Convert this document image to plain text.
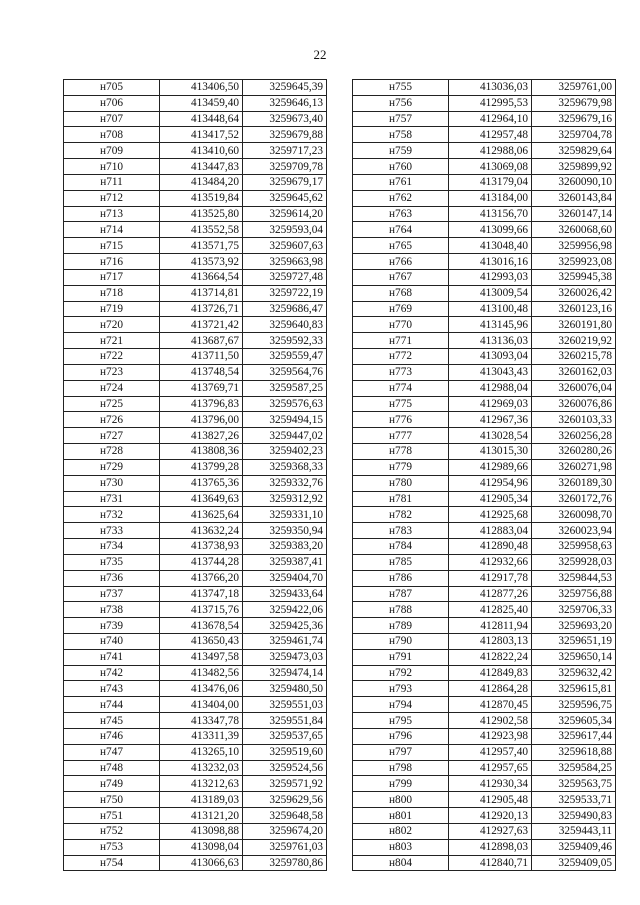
22
н705	413406,50	3259645,39
н706	413459,40	3259646,13
н707	413448,64	3259673,40
н708	413417,52	3259679,88
н709	413410,60	3259717,23
н710	413447,83	3259709,78
н711	413484,20	3259679,17
н712	413519,84	3259645,62
н713	413525,80	3259614,20
н714	413552,58	3259593,04
н715	413571,75	3259607,63
н716	413573,92	3259663,98
н717	413664,54	3259727,48
н718	413714,81	3259722,19
н719	413726,71	3259686,47
н720	413721,42	3259640,83
н721	413687,67	3259592,33
н722	413711,50	3259559,47
н723	413748,54	3259564,76
н724	413769,71	3259587,25
н725	413796,83	3259576,63
н726	413796,00	3259494,15
н727	413827,26	3259447,02
н728	413808,36	3259402,23
н729	413799,28	3259368,33
н730	413765,36	3259332,76
н731	413649,63	3259312,92
н732	413625,64	3259331,10
н733	413632,24	3259350,94
н734	413738,93	3259383,20
н735	413744,28	3259387,41
н736	413766,20	3259404,70
н737	413747,18	3259433,64
н738	413715,76	3259422,06
н739	413678,54	3259425,36
н740	413650,43	3259461,74
н741	413497,58	3259473,03
н742	413482,56	3259474,14
н743	413476,06	3259480,50
н744	413404,00	3259551,03
н745	413347,78	3259551,84
н746	413311,39	3259537,65
н747	413265,10	3259519,60
н748	413232,03	3259524,56
н749	413212,63	3259571,92
н750	413189,03	3259629,56
н751	413121,20	3259648,58
н752	413098,88	3259674,20
н753	413098,04	3259761,03
н754	413066,63	3259780,86
н755	413036,03	3259761,00
н756	412995,53	3259679,98
н757	412964,10	3259679,16
н758	412957,48	3259704,78
н759	412988,06	3259829,64
н760	413069,08	3259899,92
н761	413179,04	3260090,10
н762	413184,00	3260143,84
н763	413156,70	3260147,14
н764	413099,66	3260068,60
н765	413048,40	3259956,98
н766	413016,16	3259923,08
н767	412993,03	3259945,38
н768	413009,54	3260026,42
н769	413100,48	3260123,16
н770	413145,96	3260191,80
н771	413136,03	3260219,92
н772	413093,04	3260215,78
н773	413043,43	3260162,03
н774	412988,04	3260076,04
н775	412969,03	3260076,86
н776	412967,36	3260103,33
н777	413028,54	3260256,28
н778	413015,30	3260280,26
н779	412989,66	3260271,98
н780	412954,96	3260189,30
н781	412905,34	3260172,76
н782	412925,68	3260098,70
н783	412883,04	3260023,94
н784	412890,48	3259958,63
н785	412932,66	3259928,03
н786	412917,78	3259844,53
н787	412877,26	3259756,88
н788	412825,40	3259706,33
н789	412811,94	3259693,20
н790	412803,13	3259651,19
н791	412822,24	3259650,14
н792	412849,83	3259632,42
н793	412864,28	3259615,81
н794	412870,45	3259596,75
н795	412902,58	3259605,34
н796	412923,98	3259617,44
н797	412957,40	3259618,88
н798	412957,65	3259584,25
н799	412930,34	3259563,75
н800	412905,48	3259533,71
н801	412920,13	3259490,83
н802	412927,63	3259443,11
н803	412898,03	3259409,46
н804	412840,71	3259409,05
